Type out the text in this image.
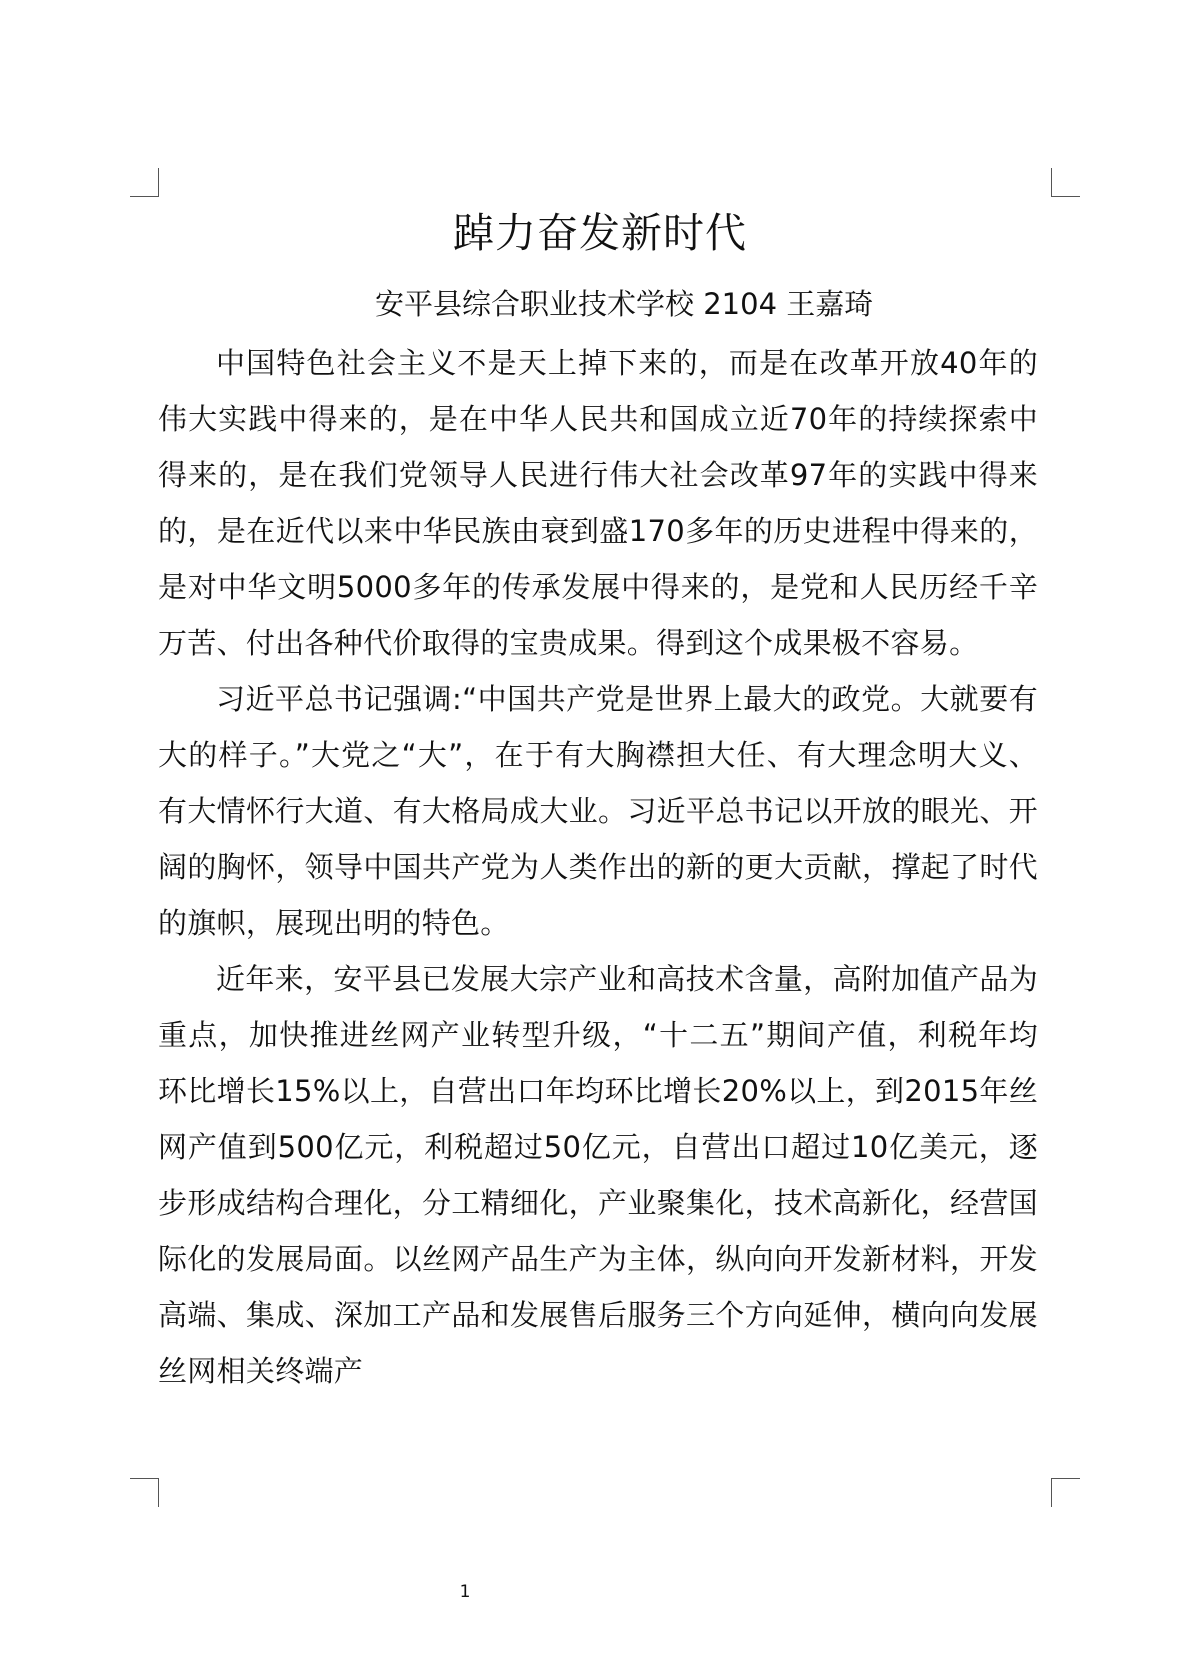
踔力奋发新时代

安平县综合职业技术学校 2104 王嘉琦

中国特色社会主义不是天上掉下来的，而是在改革开放40年的伟大实践中得来的，是在中华人民共和国成立近70年的持续探索中得来的，是在我们党领导人民进行伟大社会改革97年的实践中得来的，是在近代以来中华民族由衰到盛170多年的历史进程中得来的，是对中华文明5000多年的传承发展中得来的，是党和人民历经千辛万苦、付出各种代价取得的宝贵成果。得到这个成果极不容易。

习近平总书记强调:“中国共产党是世界上最大的政党。大就要有大的样子。”大党之“大”，在于有大胸襟担大任、有大理念明大义、有大情怀行大道、有大格局成大业。习近平总书记以开放的眼光、开阔的胸怀，领导中国共产党为人类作出的新的更大贡献，撑起了时代的旗帜，展现出明的特色。

近年来，安平县已发展大宗产业和高技术含量，高附加值产品为重点，加快推进丝网产业转型升级，“十二五”期间产值，利税年均环比增长15%以上，自营出口年均环比增长20%以上，到2015年丝网产值到500亿元，利税超过50亿元，自营出口超过10亿美元，逐步形成结构合理化，分工精细化，产业聚集化，技术高新化，经营国际化的发展局面。以丝网产品生产为主体，纵向向开发新材料，开发高端、集成、深加工产品和发展售后服务三个方向延伸，横向向发展丝网相关终端产

1
